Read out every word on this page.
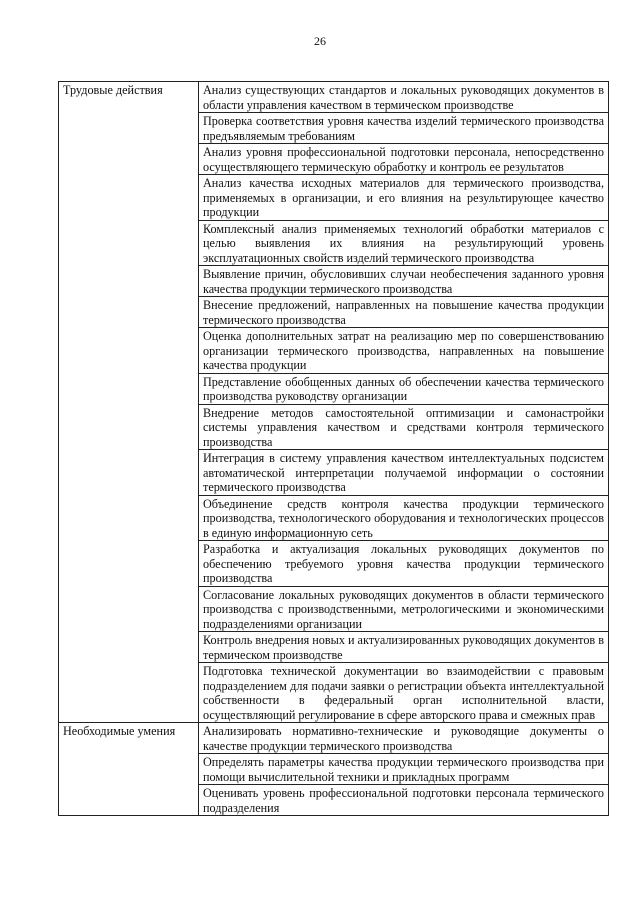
26
Трудовые действия	Анализ существующих стандартов и локальных руководящих документов в области управления качеством в термическом производстве
	Проверка соответствия уровня качества изделий термического производства предъявляемым требованиям
	Анализ уровня профессиональной подготовки персонала, непосредственно осуществляющего термическую обработку и контроль ее результатов
	Анализ качества исходных материалов для термического производства, применяемых в организации, и его влияния на результирующее качество продукции
	Комплексный анализ применяемых технологий обработки материалов с целью выявления их влияния на результирующий уровень эксплуатационных свойств изделий термического производства
	Выявление причин, обусловивших случаи необеспечения заданного уровня качества продукции термического производства
	Внесение предложений, направленных на повышение качества продукции термического производства
	Оценка дополнительных затрат на реализацию мер по совершенствованию организации термического производства, направленных на повышение качества продукции
	Представление обобщенных данных об обеспечении качества термического производства руководству организации
	Внедрение методов самостоятельной оптимизации и самонастройки системы управления качеством и средствами контроля термического производства
	Интеграция в систему управления качеством интеллектуальных подсистем автоматической интерпретации получаемой информации о состоянии термического производства
	Объединение средств контроля качества продукции термического производства, технологического оборудования и технологических процессов в единую информационную сеть
	Разработка и актуализация локальных руководящих документов по обеспечению требуемого уровня качества продукции термического производства
	Согласование локальных руководящих документов в области термического производства с производственными, метрологическими и экономическими подразделениями организации
	Контроль внедрения новых и актуализированных руководящих документов в термическом производстве
	Подготовка технической документации во взаимодействии с правовым подразделением для подачи заявки о регистрации объекта интеллектуальной собственности в федеральный орган исполнительной власти, осуществляющий регулирование в сфере авторского права и смежных прав
Необходимые умения	Анализировать нормативно-технические и руководящие документы о качестве продукции термического производства
	Определять параметры качества продукции термического производства при помощи вычислительной техники и прикладных программ
	Оценивать уровень профессиональной подготовки персонала термического подразделения
